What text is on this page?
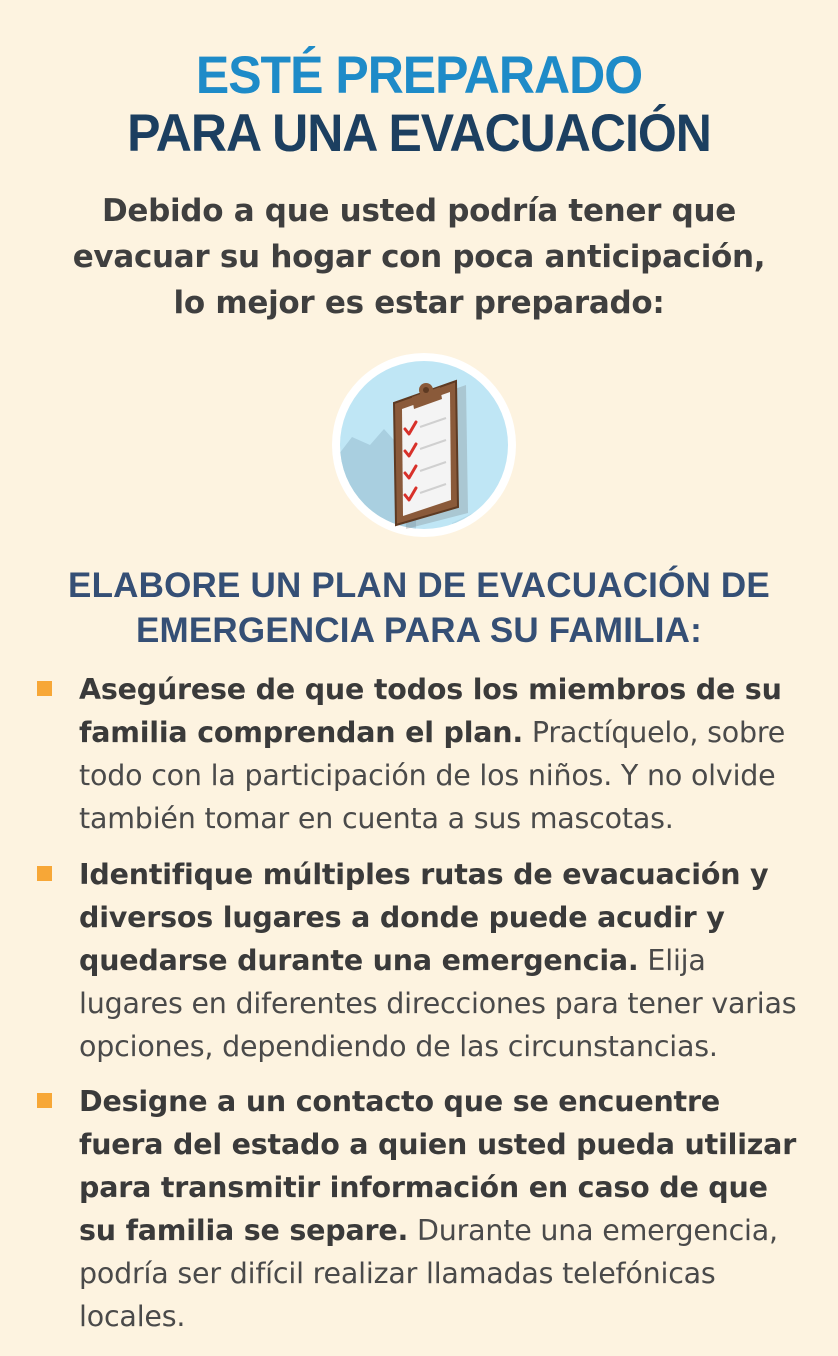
ESTÉ PREPARADO
PARA UNA EVACUACIÓN
Debido a que usted podría tener que
evacuar su hogar con poca anticipación,
lo mejor es estar preparado:
ELABORE UN PLAN DE EVACUACIÓN DE
EMERGENCIA PARA SU FAMILIA:
Asegúrese de que todos los miembros de su familia comprendan el plan. Practíquelo, sobre todo con la participación de los niños. Y no olvide también tomar en cuenta a sus mascotas.
Identifique múltiples rutas de evacuación y diversos lugares a donde puede acudir y quedarse durante una emergencia. Elija lugares en diferentes direcciones para tener varias opciones, dependiendo de las circunstancias.
Designe a un contacto que se encuentre fuera del estado a quien usted pueda utilizar para transmitir información en caso de que su familia se separe. Durante una emergencia, podría ser difícil realizar llamadas telefónicas locales.
